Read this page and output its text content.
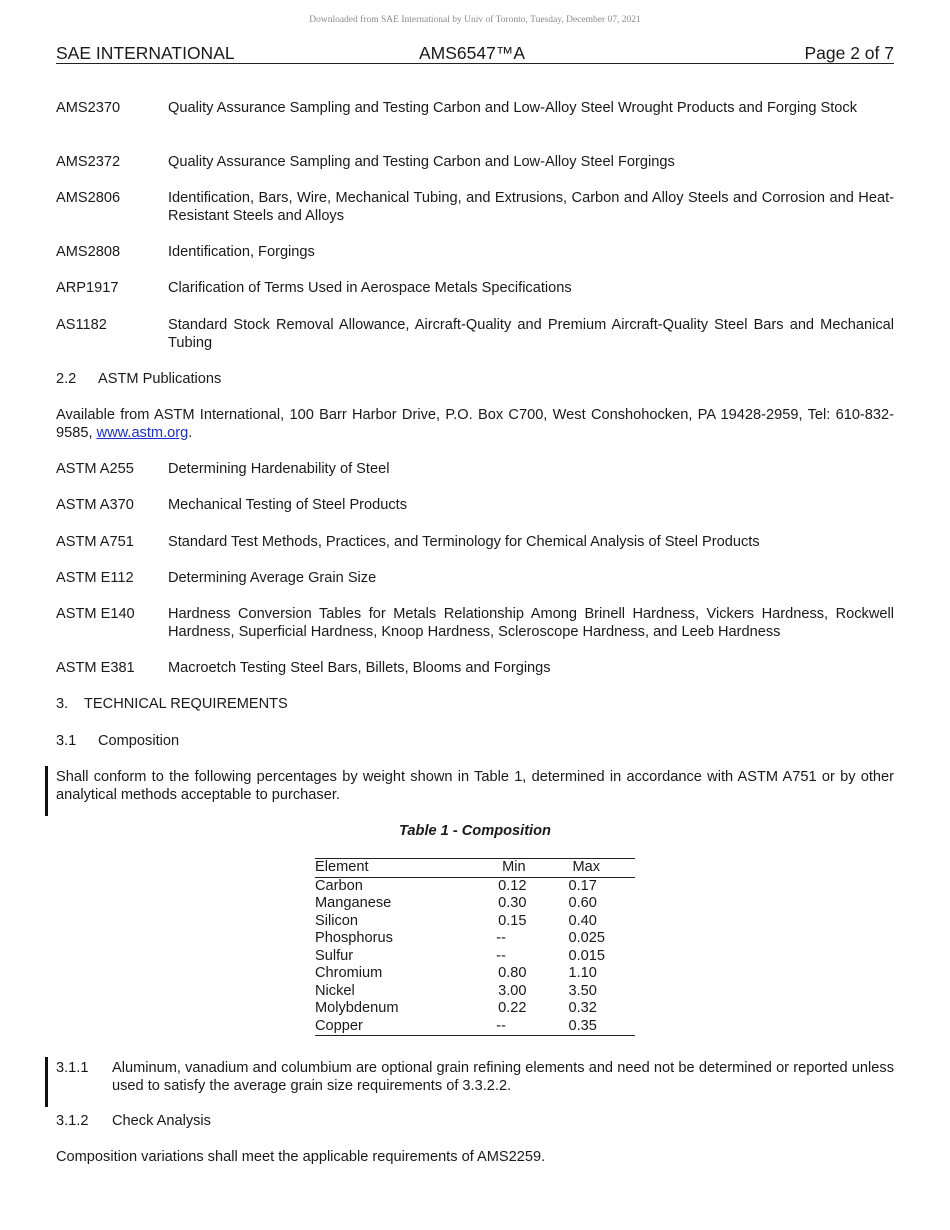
Downloaded from SAE International by Univ of Toronto, Tuesday, December 07, 2021
SAE INTERNATIONAL	AMS6547™A	Page 2 of 7
AMS2370	Quality Assurance Sampling and Testing Carbon and Low-Alloy Steel Wrought Products and Forging Stock
AMS2372	Quality Assurance Sampling and Testing Carbon and Low-Alloy Steel Forgings
AMS2806	Identification, Bars, Wire, Mechanical Tubing, and Extrusions, Carbon and Alloy Steels and Corrosion and Heat-Resistant Steels and Alloys
AMS2808	Identification, Forgings
ARP1917	Clarification of Terms Used in Aerospace Metals Specifications
AS1182	Standard Stock Removal Allowance, Aircraft-Quality and Premium Aircraft-Quality Steel Bars and Mechanical Tubing
2.2 ASTM Publications
Available from ASTM International, 100 Barr Harbor Drive, P.O. Box C700, West Conshohocken, PA 19428-2959, Tel: 610-832-9585, www.astm.org.
ASTM A255 Determining Hardenability of Steel
ASTM A370 Mechanical Testing of Steel Products
ASTM A751 Standard Test Methods, Practices, and Terminology for Chemical Analysis of Steel Products
ASTM E112 Determining Average Grain Size
ASTM E140 Hardness Conversion Tables for Metals Relationship Among Brinell Hardness, Vickers Hardness, Rockwell Hardness, Superficial Hardness, Knoop Hardness, Scleroscope Hardness, and Leeb Hardness
ASTM E381 Macroetch Testing Steel Bars, Billets, Blooms and Forgings
3. TECHNICAL REQUIREMENTS
3.1 Composition
Shall conform to the following percentages by weight shown in Table 1, determined in accordance with ASTM A751 or by other analytical methods acceptable to purchaser.
Table 1 - Composition
Element	Min	Max
Carbon	0.12	0.17
Manganese	0.30	0.60
Silicon	0.15	0.40
Phosphorus	--	0.025
Sulfur	--	0.015
Chromium	0.80	1.10
Nickel	3.00	3.50
Molybdenum	0.22	0.32
Copper	--	0.35
3.1.1 Aluminum, vanadium and columbium are optional grain refining elements and need not be determined or reported unless used to satisfy the average grain size requirements of 3.3.2.2.
3.1.2 Check Analysis
Composition variations shall meet the applicable requirements of AMS2259.
